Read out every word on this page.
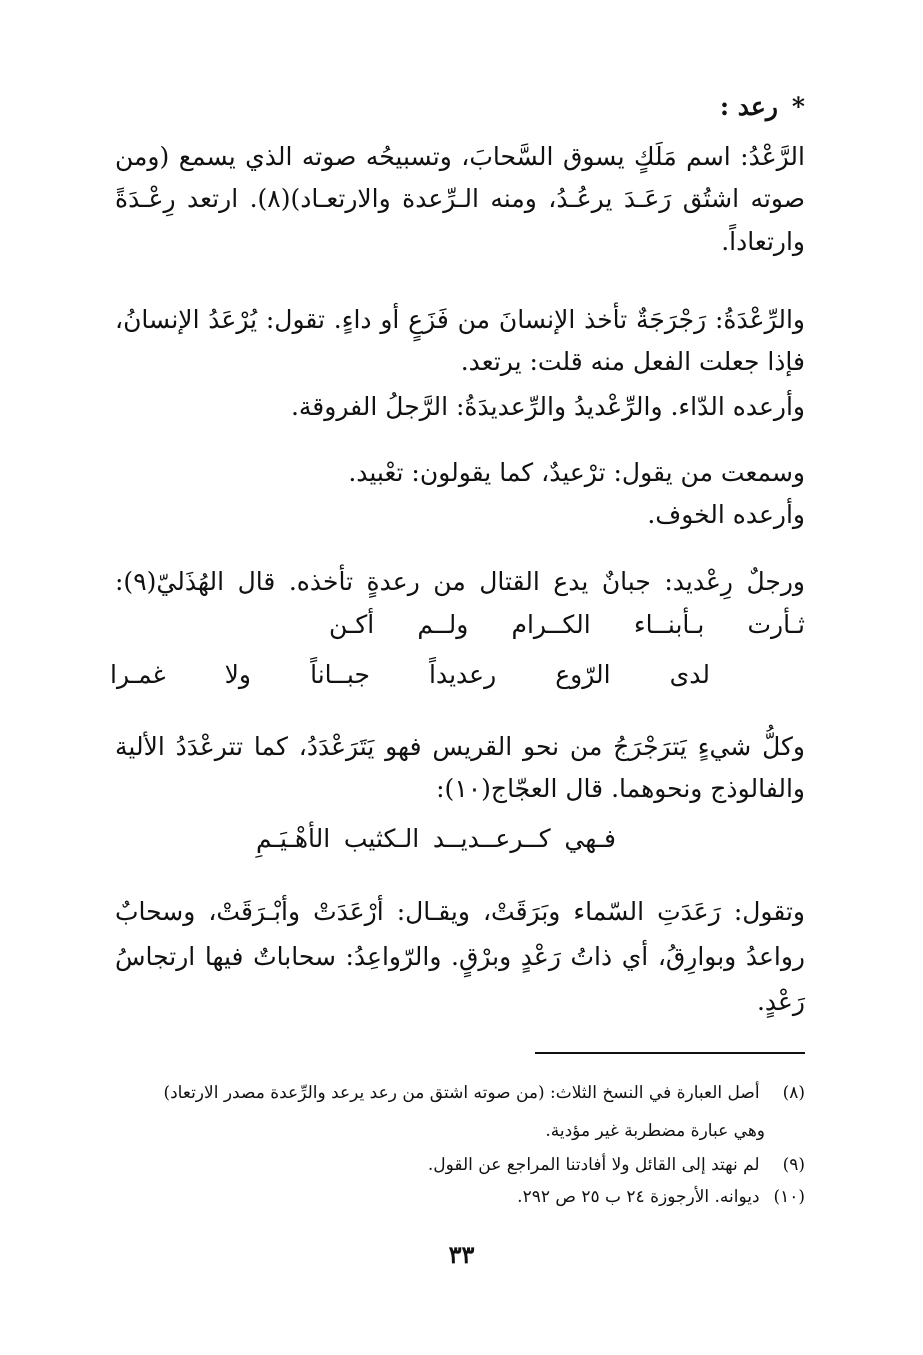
*رعد :
الرَّعْدُ: اسم مَلَكٍ يسوق السَّحابَ، وتسبيحُه صوته الذي يسمع (ومن
صوته اشتُق رَعَـدَ يرعُـدُ، ومنه الـرِّعدة والارتعـاد)(٨). ارتعد رِعْـدَةً
وارتعاداً.
والرِّعْدَةُ: رَجْرَجَةٌ تأخذ الإنسانَ من فَزَعٍ أو داءٍ. تقول: يُرْعَدُ الإنسانُ،
فإذا جعلت الفعل منه قلت: يرتعد.
وأرعده الدّاء. والرِّعْديدُ والرِّعديدَةُ: الرَّجلُ الفروقة.
وسمعت من يقول: ترْعيدٌ، كما يقولون: تعْبيد.
وأرعده الخوف.
ورجلٌ رِعْديد: جبانٌ يدع القتال من رعدةٍ تأخذه. قال الهُذَليّ(٩):
ثـأرت بـأبنــاء الكــرام ولــم أكـن
لدى الرّوع رعديداً جبــاناً ولا غمـرا
وكلُّ شيءٍ يَترَجْرَجُ من نحو القريس فهو يَتَرَعْدَدُ، كما تترعْدَدُ الألية
والفالوذج ونحوهما. قال العجّاج(١٠):
فـهي كــرعــديــد الـكثيب الأهْـيَـمِ
وتقول: رَعَدَتِ السّماء وبَرَقَتْ، ويقـال: أرْعَدَتْ وأبْـرَقَتْ، وسحابٌ
رواعدُ وبوارِقُ، أي ذاتُ رَعْدٍ وبرْقٍ. والرّواعِدُ: سحاباتٌ فيها ارتجاسُ
رَعْدٍ.
(٨) أصل العبارة في النسخ الثلاث: (من صوته اشتق من رعد يرعد والرِّعدة مصدر الارتعاد)
وهي عبارة مضطربة غير مؤدية.
(٩) لم نهتد إلى القائل ولا أفادتنا المراجع عن القول.
(١٠) ديوانه. الأرجوزة ٢٤ ب ٢٥ ص ٢٩٢.
٣٣
